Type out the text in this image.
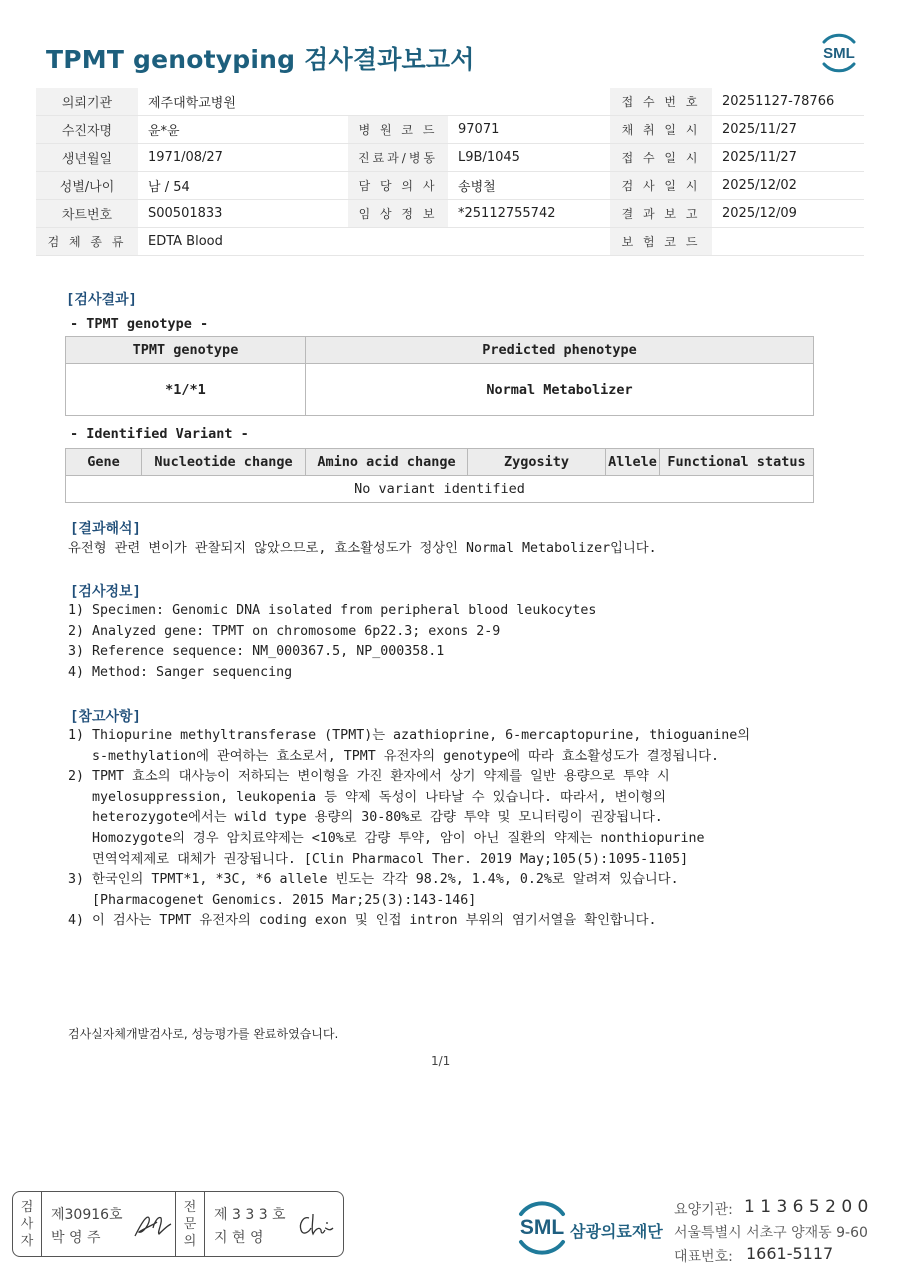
TPMT genotyping 검사결과보고서	SML
의뢰기관	제주대학교병원			접 수 번 호	20251127-78766
수진자명	윤*윤	병 원 코 드	97071	채 취 일 시	2025/11/27
생년월일	1971/08/27	진료과/병동	L9B/1045	접 수 일 시	2025/11/27
성별/나이	남 / 54	담 당 의 사	송병철	검 사 일 시	2025/12/02
차트번호	S00501833	임 상 정 보	*25112755742	결 과 보 고	2025/12/09
검 체 종 류	EDTA Blood			보 험 코 드	
[검사결과]
- TPMT genotype -
TPMT genotype	Predicted phenotype
*1/*1	Normal Metabolizer
- Identified Variant -
Gene	Nucleotide change	Amino acid change	Zygosity	Allele	Functional status
No variant identified
[결과해석]
유전형 관련 변이가 관찰되지 않았으므로, 효소활성도가 정상인 Normal Metabolizer입니다.
[검사정보]
1) Specimen: Genomic DNA isolated from peripheral blood leukocytes
2) Analyzed gene: TPMT on chromosome 6p22.3; exons 2-9
3) Reference sequence: NM_000367.5, NP_000358.1
4) Method: Sanger sequencing
[참고사항]
1) Thiopurine methyltransferase (TPMT)는 azathioprine, 6-mercaptopurine, thioguanine의
s-methylation에 관여하는 효소로서, TPMT 유전자의 genotype에 따라 효소활성도가 결정됩니다.
2) TPMT 효소의 대사능이 저하되는 변이형을 가진 환자에서 상기 약제를 일반 용량으로 투약 시
myelosuppression, leukopenia 등 약제 독성이 나타날 수 있습니다. 따라서, 변이형의
heterozygote에서는 wild type 용량의 30-80%로 감량 투약 및 모니터링이 권장됩니다.
Homozygote의 경우 암치료약제는 <10%로 감량 투약, 암이 아닌 질환의 약제는 nonthiopurine
면역억제제로 대체가 권장됩니다. [Clin Pharmacol Ther. 2019 May;105(5):1095-1105]
3) 한국인의 TPMT*1, *3C, *6 allele 빈도는 각각 98.2%, 1.4%, 0.2%로 알려져 있습니다.
[Pharmacogenet Genomics. 2015 Mar;25(3):143-146]
4) 이 검사는 TPMT 유전자의 coding exon 및 인접 intron 부위의 염기서열을 확인합니다.
검사실자체개발검사로, 성능평가를 완료하였습니다.
1/1
검
사
자
제30916호
박 영 주
전
문
의
제 3 3 3 호
지 현 영	SML 삼광의료재단
요양기관: 1 1 3 6 5 2 0 0
서울특별시 서초구 양재동 9-60
대표번호: 1661-5117
